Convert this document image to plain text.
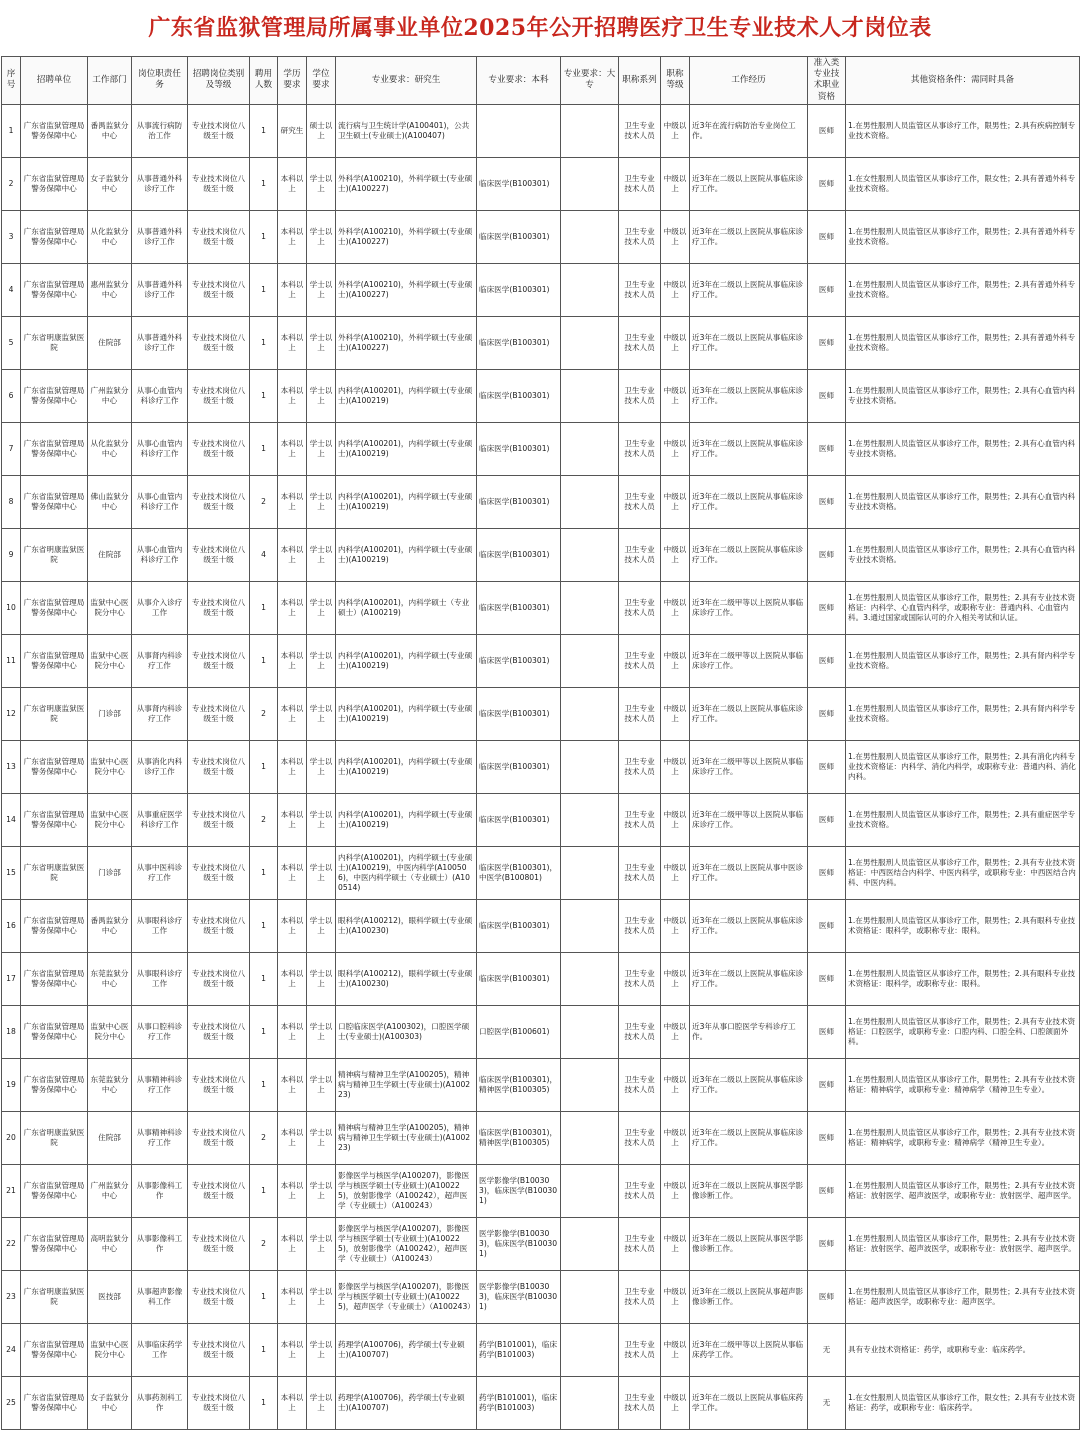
广东省监狱管理局所属事业单位2025年公开招聘医疗卫生专业技术人才岗位表
序号	招聘单位	工作部门	岗位职责任务	招聘岗位类别及等级	聘用人数	学历要求	学位要求	专业要求：研究生	专业要求：本科	专业要求：大专	职称系列	职称等级	工作经历	准入类专业技术职业资格	其他资格条件：需同时具备
1	广东省监狱管理局警务保障中心	番禺监狱分中心	从事流行病防治工作	专业技术岗位八级至十级	1	研究生	硕士以上	流行病与卫生统计学(A100401)，公共卫生硕士(专业硕士)(A100407)			卫生专业技术人员	中级以上	近3年在流行病防治专业岗位工作。	医师	1.在男性服刑人员监管区从事诊疗工作，限男性；2.具有疾病控制专业技术资格。
2	广东省监狱管理局警务保障中心	女子监狱分中心	从事普通外科诊疗工作	专业技术岗位八级至十级	1	本科以上	学士以上	外科学(A100210)，外科学硕士(专业硕士)(A100227)	临床医学(B100301)		卫生专业技术人员	中级以上	近3年在二级以上医院从事临床诊疗工作。	医师	1.在女性服刑人员监管区从事诊疗工作，限女性；2.具有普通外科专业技术资格。
3	广东省监狱管理局警务保障中心	从化监狱分中心	从事普通外科诊疗工作	专业技术岗位八级至十级	1	本科以上	学士以上	外科学(A100210)，外科学硕士(专业硕士)(A100227)	临床医学(B100301)		卫生专业技术人员	中级以上	近3年在二级以上医院从事临床诊疗工作。	医师	1.在男性服刑人员监管区从事诊疗工作，限男性；2.具有普通外科专业技术资格。
4	广东省监狱管理局警务保障中心	惠州监狱分中心	从事普通外科诊疗工作	专业技术岗位八级至十级	1	本科以上	学士以上	外科学(A100210)，外科学硕士(专业硕士)(A100227)	临床医学(B100301)		卫生专业技术人员	中级以上	近3年在二级以上医院从事临床诊疗工作。	医师	1.在男性服刑人员监管区从事诊疗工作，限男性；2.具有普通外科专业技术资格。
5	广东省明康监狱医院	住院部	从事普通外科诊疗工作	专业技术岗位八级至十级	1	本科以上	学士以上	外科学(A100210)，外科学硕士(专业硕士)(A100227)	临床医学(B100301)		卫生专业技术人员	中级以上	近3年在二级以上医院从事临床诊疗工作。	医师	1.在男性服刑人员监管区从事诊疗工作，限男性；2.具有普通外科专业技术资格。
6	广东省监狱管理局警务保障中心	广州监狱分中心	从事心血管内科诊疗工作	专业技术岗位八级至十级	1	本科以上	学士以上	内科学(A100201)，内科学硕士(专业硕士)(A100219)	临床医学(B100301)		卫生专业技术人员	中级以上	近3年在二级以上医院从事临床诊疗工作。	医师	1.在男性服刑人员监管区从事诊疗工作，限男性；2.具有心血管内科专业技术资格。
7	广东省监狱管理局警务保障中心	从化监狱分中心	从事心血管内科诊疗工作	专业技术岗位八级至十级	1	本科以上	学士以上	内科学(A100201)，内科学硕士(专业硕士)(A100219)	临床医学(B100301)		卫生专业技术人员	中级以上	近3年在二级以上医院从事临床诊疗工作。	医师	1.在男性服刑人员监管区从事诊疗工作，限男性；2.具有心血管内科专业技术资格。
8	广东省监狱管理局警务保障中心	佛山监狱分中心	从事心血管内科诊疗工作	专业技术岗位八级至十级	2	本科以上	学士以上	内科学(A100201)，内科学硕士(专业硕士)(A100219)	临床医学(B100301)		卫生专业技术人员	中级以上	近3年在二级以上医院从事临床诊疗工作。	医师	1.在男性服刑人员监管区从事诊疗工作，限男性；2.具有心血管内科专业技术资格。
9	广东省明康监狱医院	住院部	从事心血管内科诊疗工作	专业技术岗位八级至十级	4	本科以上	学士以上	内科学(A100201)，内科学硕士(专业硕士)(A100219)	临床医学(B100301)		卫生专业技术人员	中级以上	近3年在二级以上医院从事临床诊疗工作。	医师	1.在男性服刑人员监管区从事诊疗工作，限男性；2.具有心血管内科专业技术资格。
10	广东省监狱管理局警务保障中心	监狱中心医院分中心	从事介入诊疗工作	专业技术岗位八级至十级	1	本科以上	学士以上	内科学(A100201)，内科学硕士（专业硕士）(A100219)	临床医学(B100301)		卫生专业技术人员	中级以上	近3年在二级甲等以上医院从事临床诊疗工作。	医师	1.在男性服刑人员监管区从事诊疗工作，限男性；2.具有专业技术资格证：内科学、心血管内科学，或职称专业：普通内科、心血管内科。3.通过国家或国际认可的介入相关考试和认证。
11	广东省监狱管理局警务保障中心	监狱中心医院分中心	从事肾内科诊疗工作	专业技术岗位八级至十级	1	本科以上	学士以上	内科学(A100201)，内科学硕士(专业硕士)(A100219)	临床医学(B100301)		卫生专业技术人员	中级以上	近3年在二级甲等以上医院从事临床诊疗工作。	医师	1.在男性服刑人员监管区从事诊疗工作，限男性；2.具有肾内科学专业技术资格。
12	广东省明康监狱医院	门诊部	从事肾内科诊疗工作	专业技术岗位八级至十级	2	本科以上	学士以上	内科学(A100201)，内科学硕士(专业硕士)(A100219)	临床医学(B100301)		卫生专业技术人员	中级以上	近3年在二级以上医院从事临床诊疗工作。	医师	1.在男性服刑人员监管区从事诊疗工作，限男性；2.具有肾内科学专业技术资格。
13	广东省监狱管理局警务保障中心	监狱中心医院分中心	从事消化内科诊疗工作	专业技术岗位八级至十级	1	本科以上	学士以上	内科学(A100201)，内科学硕士(专业硕士)(A100219)	临床医学(B100301)		卫生专业技术人员	中级以上	近3年在二级甲等以上医院从事临床诊疗工作。	医师	1.在男性服刑人员监管区从事诊疗工作，限男性；2.具有消化内科专业技术资格证：内科学、消化内科学，或职称专业：普通内科、消化内科。
14	广东省监狱管理局警务保障中心	监狱中心医院分中心	从事重症医学科诊疗工作	专业技术岗位八级至十级	2	本科以上	学士以上	内科学(A100201)，内科学硕士(专业硕士)(A100219)	临床医学(B100301)		卫生专业技术人员	中级以上	近3年在二级甲等以上医院从事临床诊疗工作。	医师	1.在男性服刑人员监管区从事诊疗工作，限男性；2.具有重症医学专业技术资格。
15	广东省明康监狱医院	门诊部	从事中医科诊疗工作	专业技术岗位八级至十级	1	本科以上	学士以上	内科学(A100201)，内科学硕士(专业硕士)(A100219)，中医内科学(A100506)，中医内科学硕士（专业硕士）(A100514)	临床医学(B100301)，中医学(B100801)		卫生专业技术人员	中级以上	近3年在二级以上医院从事中医诊疗工作。	医师	1.在男性服刑人员监管区从事诊疗工作，限男性；2.具有专业技术资格证：中西医结合内科学、中医内科学，或职称专业：中西医结合内科、中医内科。
16	广东省监狱管理局警务保障中心	番禺监狱分中心	从事眼科诊疗工作	专业技术岗位八级至十级	1	本科以上	学士以上	眼科学(A100212)，眼科学硕士(专业硕士)(A100230)	临床医学(B100301)		卫生专业技术人员	中级以上	近3年在二级以上医院从事临床诊疗工作。	医师	1.在男性服刑人员监管区从事诊疗工作，限男性；2.具有眼科专业技术资格证：眼科学，或职称专业：眼科。
17	广东省监狱管理局警务保障中心	东莞监狱分中心	从事眼科诊疗工作	专业技术岗位八级至十级	1	本科以上	学士以上	眼科学(A100212)，眼科学硕士(专业硕士)(A100230)	临床医学(B100301)		卫生专业技术人员	中级以上	近3年在二级以上医院从事临床诊疗工作。	医师	1.在男性服刑人员监管区从事诊疗工作，限男性；2.具有眼科专业技术资格证：眼科学，或职称专业：眼科。
18	广东省监狱管理局警务保障中心	监狱中心医院分中心	从事口腔科诊疗工作	专业技术岗位八级至十级	1	本科以上	学士以上	口腔临床医学(A100302)，口腔医学硕士(专业硕士)(A100303)	口腔医学(B100601)		卫生专业技术人员	中级以上	近3年从事口腔医学专科诊疗工作。	医师	1.在男性服刑人员监管区从事诊疗工作，限男性；2.具有专业技术资格证：口腔医学，或职称专业：口腔内科、口腔全科、口腔颌面外科。
19	广东省监狱管理局警务保障中心	东莞监狱分中心	从事精神科诊疗工作	专业技术岗位八级至十级	1	本科以上	学士以上	精神病与精神卫生学(A100205)，精神病与精神卫生学硕士(专业硕士)(A100223)	临床医学(B100301)，精神医学(B100305)		卫生专业技术人员	中级以上	近3年在二级以上医院从事临床诊疗工作。	医师	1.在男性服刑人员监管区从事诊疗工作，限男性；2.具有专业技术资格证：精神病学，或职称专业：精神病学（精神卫生专业）。
20	广东省明康监狱医院	住院部	从事精神科诊疗工作	专业技术岗位八级至十级	2	本科以上	学士以上	精神病与精神卫生学(A100205)，精神病与精神卫生学硕士(专业硕士)(A100223)	临床医学(B100301)，精神医学(B100305)		卫生专业技术人员	中级以上	近3年在二级以上医院从事临床诊疗工作。	医师	1.在男性服刑人员监管区从事诊疗工作，限男性；2.具有专业技术资格证：精神病学，或职称专业：精神病学（精神卫生专业）。
21	广东省监狱管理局警务保障中心	广州监狱分中心	从事影像科工作	专业技术岗位八级至十级	1	本科以上	学士以上	影像医学与核医学(A100207)，影像医学与核医学硕士(专业硕士)(A100225)，放射影像学（A100242），超声医学（专业硕士）（A100243）	医学影像学(B100303)，临床医学(B100301)		卫生专业技术人员	中级以上	近3年在二级以上医院从事医学影像诊断工作。	医师	1.在男性服刑人员监管区从事诊疗工作，限男性；2.具有专业技术资格证：放射医学、超声波医学，或职称专业：放射医学、超声医学。
22	广东省监狱管理局警务保障中心	高明监狱分中心	从事影像科工作	专业技术岗位八级至十级	2	本科以上	学士以上	影像医学与核医学(A100207)，影像医学与核医学硕士(专业硕士)(A100225)，放射影像学（A100242），超声医学（专业硕士）（A100243）	医学影像学(B100303)，临床医学(B100301)		卫生专业技术人员	中级以上	近3年在二级以上医院从事医学影像诊断工作。	医师	1.在男性服刑人员监管区从事诊疗工作，限男性；2.具有专业技术资格证：放射医学、超声波医学，或职称专业：放射医学、超声医学。
23	广东省明康监狱医院	医技部	从事超声影像科工作	专业技术岗位八级至十级	1	本科以上	学士以上	影像医学与核医学(A100207)，影像医学与核医学硕士(专业硕士)(A100225)，超声医学（专业硕士）（A100243）	医学影像学(B100303)，临床医学(B100301)		卫生专业技术人员	中级以上	近3年在二级以上医院从事超声影像诊断工作。	医师	1.在男性服刑人员监管区从事诊疗工作，限男性；2.具有专业技术资格证：超声波医学，或职称专业：超声医学。
24	广东省监狱管理局警务保障中心	监狱中心医院分中心	从事临床药学工作	专业技术岗位八级至十级	1	本科以上	学士以上	药理学(A100706)，药学硕士(专业硕士)(A100707)	药学(B101001)，临床药学(B101003)		卫生专业技术人员	中级以上	近3年在二级甲等以上医院从事临床药学工作。	无	具有专业技术资格证：药学，或职称专业：临床药学。
25	广东省监狱管理局警务保障中心	女子监狱分中心	从事药剂科工作	专业技术岗位八级至十级	1	本科以上	学士以上	药理学(A100706)，药学硕士(专业硕士)(A100707)	药学(B101001)，临床药学(B101003)		卫生专业技术人员	中级以上	近3年在二级以上医院从事临床药学工作。	无	1.在女性服刑人员监管区从事诊疗工作，限女性；2.具有专业技术资格证：药学，或职称专业：临床药学。
